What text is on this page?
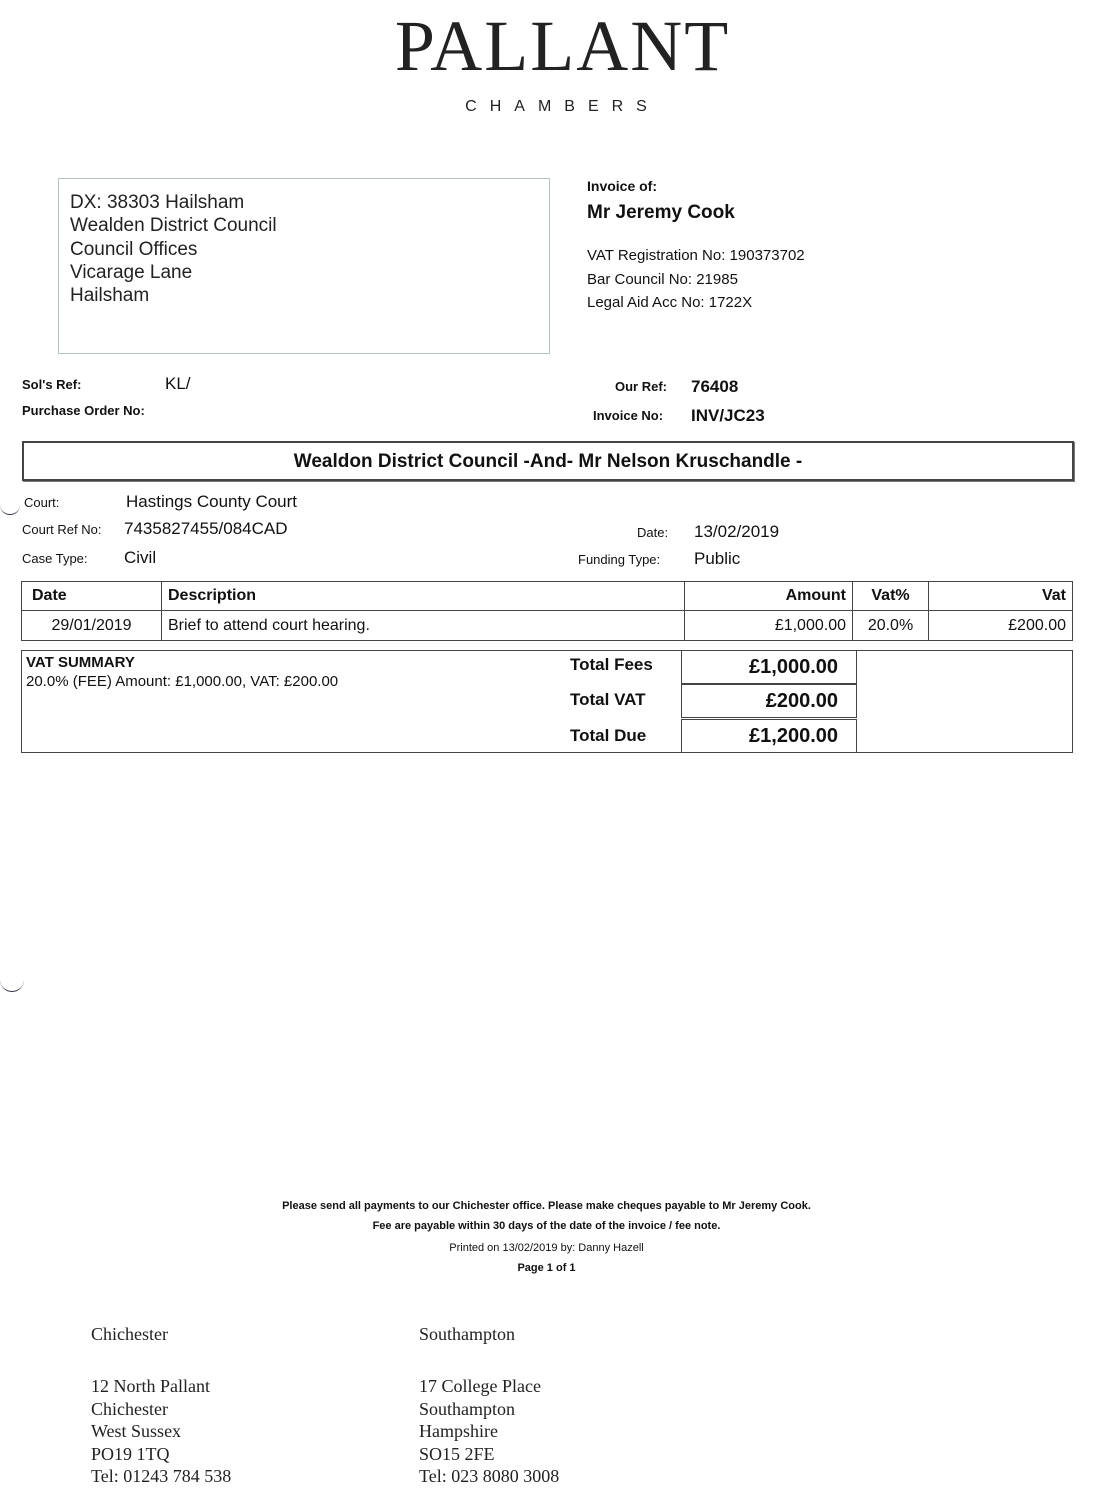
PALLANT
CHAMBERS
DX: 38303 Hailsham
Wealden District Council
Council Offices
Vicarage Lane
Hailsham
Invoice of:
Mr Jeremy Cook
VAT Registration No: 190373702
Bar Council No: 21985
Legal Aid Acc No: 1722X
Sol's Ref:	KL/
Purchase Order No:
Our Ref: 76408
Invoice No: INV/JC23
Wealdon District Council -And- Mr Nelson Kruschandle -
Court:	Hastings County Court
Court Ref No: 7435827455/084CAD	Date: 13/02/2019
Case Type: Civil	Funding Type: Public
Date	Description	Amount	Vat%	Vat
29/01/2019	Brief to attend court hearing.	£1,000.00	20.0%	£200.00
VAT SUMMARY
20.0% (FEE) Amount: £1,000.00, VAT: £200.00
Total Fees	£1,000.00
Total VAT	£200.00
Total Due	£1,200.00
Please send all payments to our Chichester office. Please make cheques payable to Mr Jeremy Cook.
Fee are payable within 30 days of the date of the invoice / fee note.
Printed on 13/02/2019 by: Danny Hazell
Page 1 of 1
Chichester
12 North Pallant
Chichester
West Sussex
PO19 1TQ
Tel: 01243 784 538
Southampton
17 College Place
Southampton
Hampshire
SO15 2FE
Tel: 023 8080 3008
